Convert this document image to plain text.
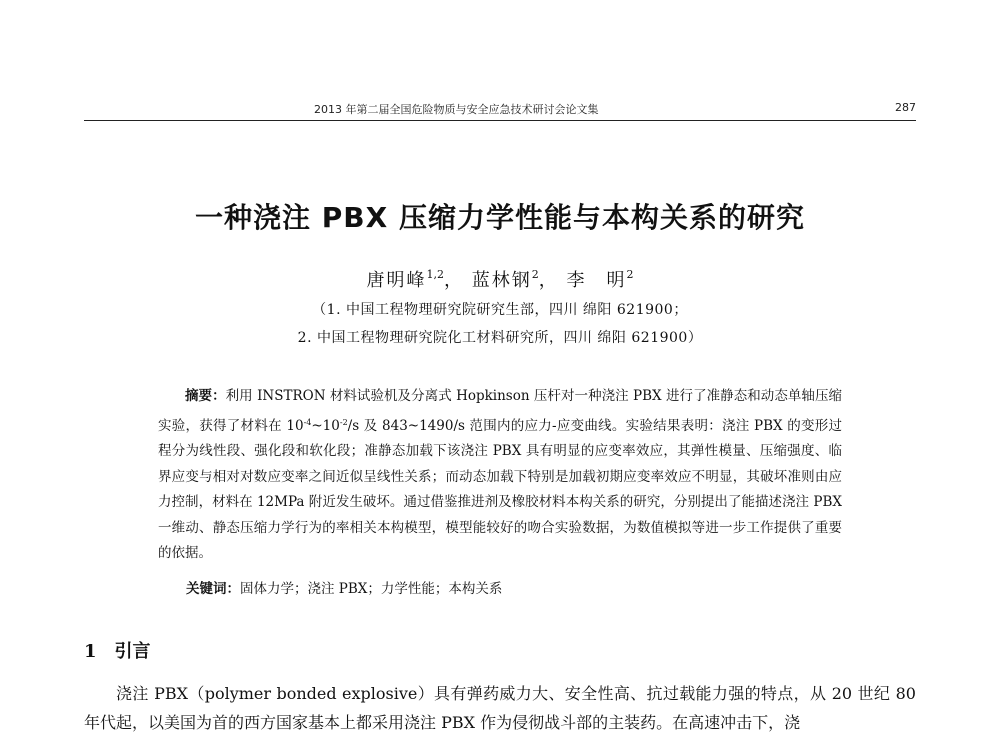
2013 年第二届全国危险物质与安全应急技术研讨会论文集	287
一种浇注 PBX 压缩力学性能与本构关系的研究
唐明峰$^{1,2}$， 蓝林钢$^2$， 李　明$^2$
（1. 中国工程物理研究院研究生部，四川 绵阳 621900；
2. 中国工程物理研究院化工材料研究所，四川 绵阳 621900）
摘要：利用 INSTRON 材料试验机及分离式 Hopkinson 压杆对一种浇注 PBX 进行了准静态和动态单轴压缩实验，获得了材料在 $10^{-4}\sim 10^{-2}/s$ 及 843~1490/s 范围内的应力-应变曲线。实验结果表明：浇注 PBX 的变形过程分为线性段、强化段和软化段；准静态加载下该浇注 PBX 具有明显的应变率效应，其弹性模量、压缩强度、临界应变与相对对数应变率之间近似呈线性关系；而动态加载下特别是加载初期应变率效应不明显，其破坏准则由应力控制，材料在 12MPa 附近发生破坏。通过借鉴推进剂及橡胶材料本构关系的研究，分别提出了能描述浇注 PBX 一维动、静态压缩力学行为的率相关本构模型，模型能较好的吻合实验数据，为数值模拟等进一步工作提供了重要的依据。
关键词：固体力学；浇注 PBX；力学性能；本构关系
1 引言
浇注 PBX（polymer bonded explosive）具有弹药威力大、安全性高、抗过载能力强的特点，从 20 世纪 80 年代起，以美国为首的西方国家基本上都采用浇注 PBX 作为侵彻战斗部的主装药。在高速冲击下，浇
